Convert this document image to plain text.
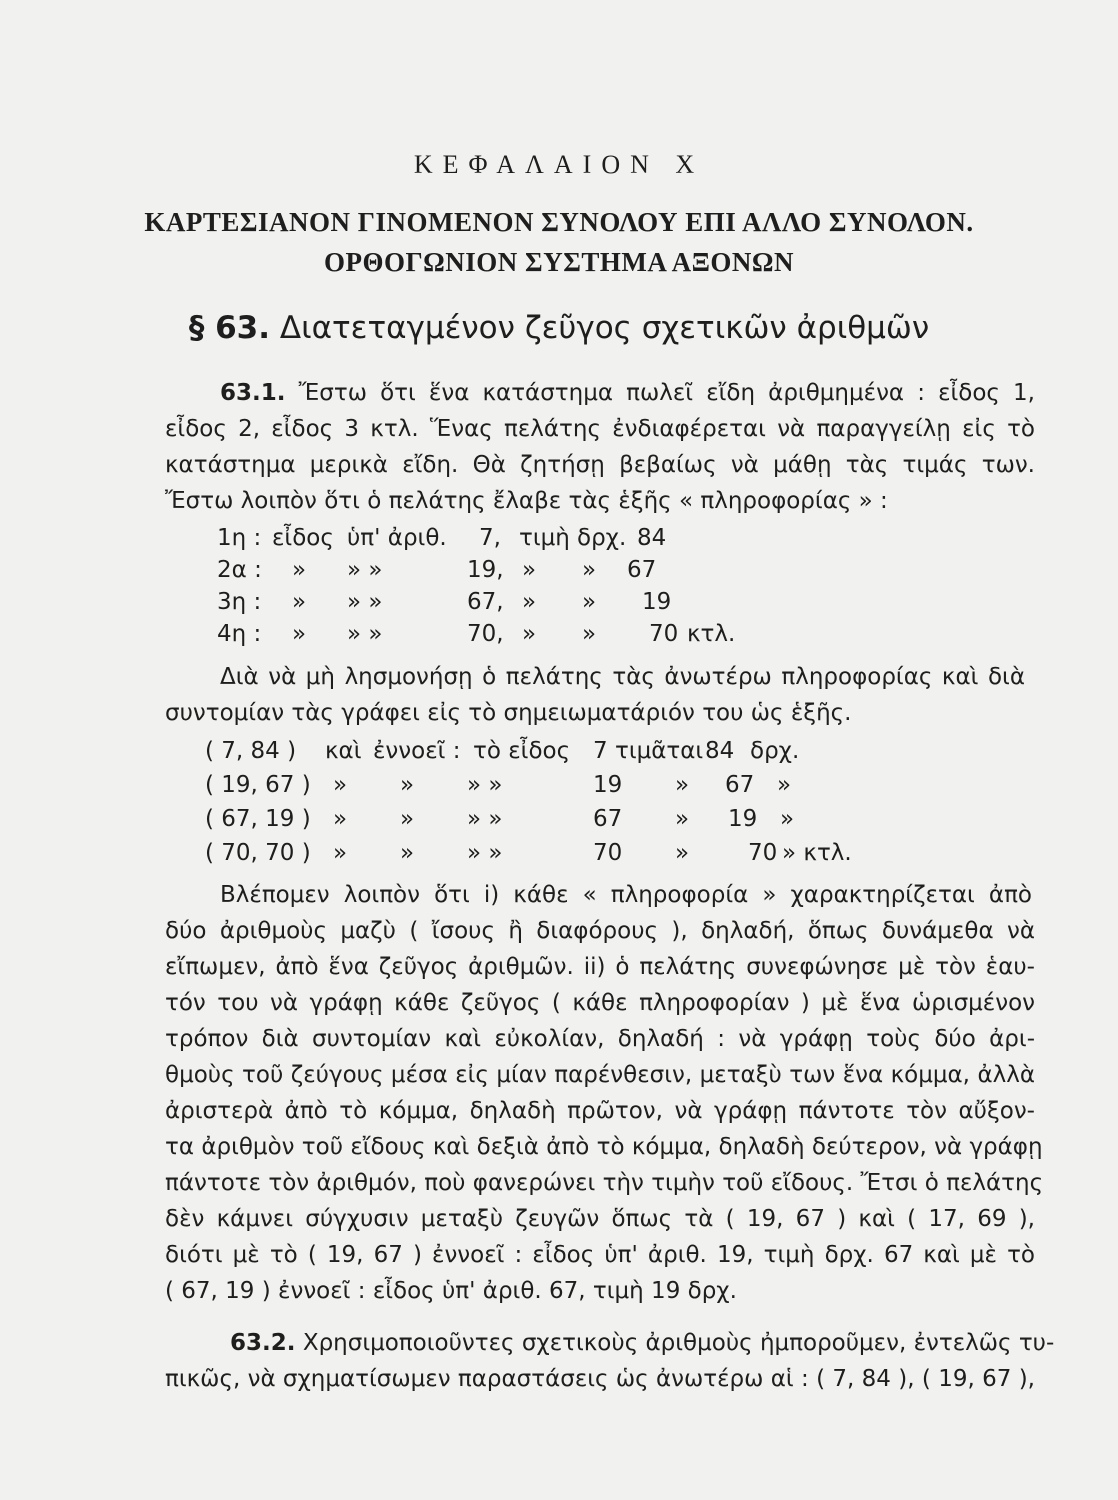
ΚΕΦΑΛΑΙΟΝ Χ
ΚΑΡΤΕΣΙΑΝΟΝ ΓΙΝΟΜΕΝΟΝ ΣΥΝΟΛΟΥ ΕΠΙ ΑΛΛΟ ΣΥΝΟΛΟΝ.
ΟΡΘΟΓΩΝΙΟΝ ΣΥΣΤΗΜΑ ΑΞΟΝΩΝ
§ 63. Διατεταγμένον ζεῦγος σχετικῶν ἀριθμῶν
63.1. Ἔστω ὅτι ἕνα κατάστημα πωλεῖ εἴδη ἀριθμημένα : εἶδος 1,
εἶδος 2, εἶδος 3 κτλ. Ἕνας πελάτης ἐνδιαφέρεται νὰ παραγγείλῃ εἰς τὸ
κατάστημα μερικὰ εἴδη. Θὰ ζητήσῃ βεβαίως νὰ μάθῃ τὰς τιμάς των.
Ἔστω λοιπὸν ὅτι ὁ πελάτης ἔλαβε τὰς ἑξῆς « πληροφορίας » :
1η : εἶδος ὑπ' ἀριθ. 7, τιμὴ δρχ. 84
2α : » » »	19, » » 67
3η : » » »	67, » » 19
4η : » » »	70, » » 70 κτλ.
Διὰ νὰ μὴ λησμονήσῃ ὁ πελάτης τὰς ἀνωτέρω πληροφορίας καὶ διὰ
συντομίαν τὰς γράφει εἰς τὸ σημειωματάριόν του ὡς ἑξῆς.
( 7, 84 ) καὶ ἐννοεῖ : τὸ εἶδος 7 τιμᾶται 84 δρχ.
( 19, 67 ) » » » »	19 » 67 »
( 67, 19 ) » » » »	67 » 19 »
( 70, 70 ) » » » »	70 »	70 » κτλ.
Βλέπομεν λοιπὸν ὅτι i) κάθε « πληροφορία » χαρακτηρίζεται ἀπὸ
δύο ἀριθμοὺς μαζὺ ( ἴσους ἢ διαφόρους ), δηλαδή, ὅπως δυνάμεθα νὰ
εἴπωμεν, ἀπὸ ἕνα ζεῦγος ἀριθμῶν. ii) ὁ πελάτης συνεφώνησε μὲ τὸν ἑαυ-
τόν του νὰ γράφῃ κάθε ζεῦγος ( κάθε πληροφορίαν ) μὲ ἕνα ὡρισμένον
τρόπον διὰ συντομίαν καὶ εὐκολίαν, δηλαδή : νὰ γράφῃ τοὺς δύο ἀρι-
θμοὺς τοῦ ζεύγους μέσα εἰς μίαν παρένθεσιν, μεταξὺ των ἕνα κόμμα, ἀλλὰ
ἀριστερὰ ἀπὸ τὸ κόμμα, δηλαδὴ πρῶτον, νὰ γράφῃ πάντοτε τὸν αὔξον-
τα ἀριθμὸν τοῦ εἴδους καὶ δεξιὰ ἀπὸ τὸ κόμμα, δηλαδὴ δεύτερον, νὰ γράφῃ
πάντοτε τὸν ἀριθμόν, ποὺ φανερώνει τὴν τιμὴν τοῦ εἴδους. Ἔτσι ὁ πελάτης
δὲν κάμνει σύγχυσιν μεταξὺ ζευγῶν ὅπως τὰ ( 19, 67 ) καὶ ( 17, 69 ),
διότι μὲ τὸ ( 19, 67 ) ἐννοεῖ : εἶδος ὑπ' ἀριθ. 19, τιμὴ δρχ. 67 καὶ μὲ τὸ
( 67, 19 ) ἐννοεῖ : εἶδος ὑπ' ἀριθ. 67, τιμὴ 19 δρχ.
63.2. Χρησιμοποιοῦντες σχετικοὺς ἀριθμοὺς ἠμποροῦμεν, ἐντελῶς τυ-
πικῶς, νὰ σχηματίσωμεν παραστάσεις ὡς ἀνωτέρω αἱ : ( 7, 84 ), ( 19, 67 ),
